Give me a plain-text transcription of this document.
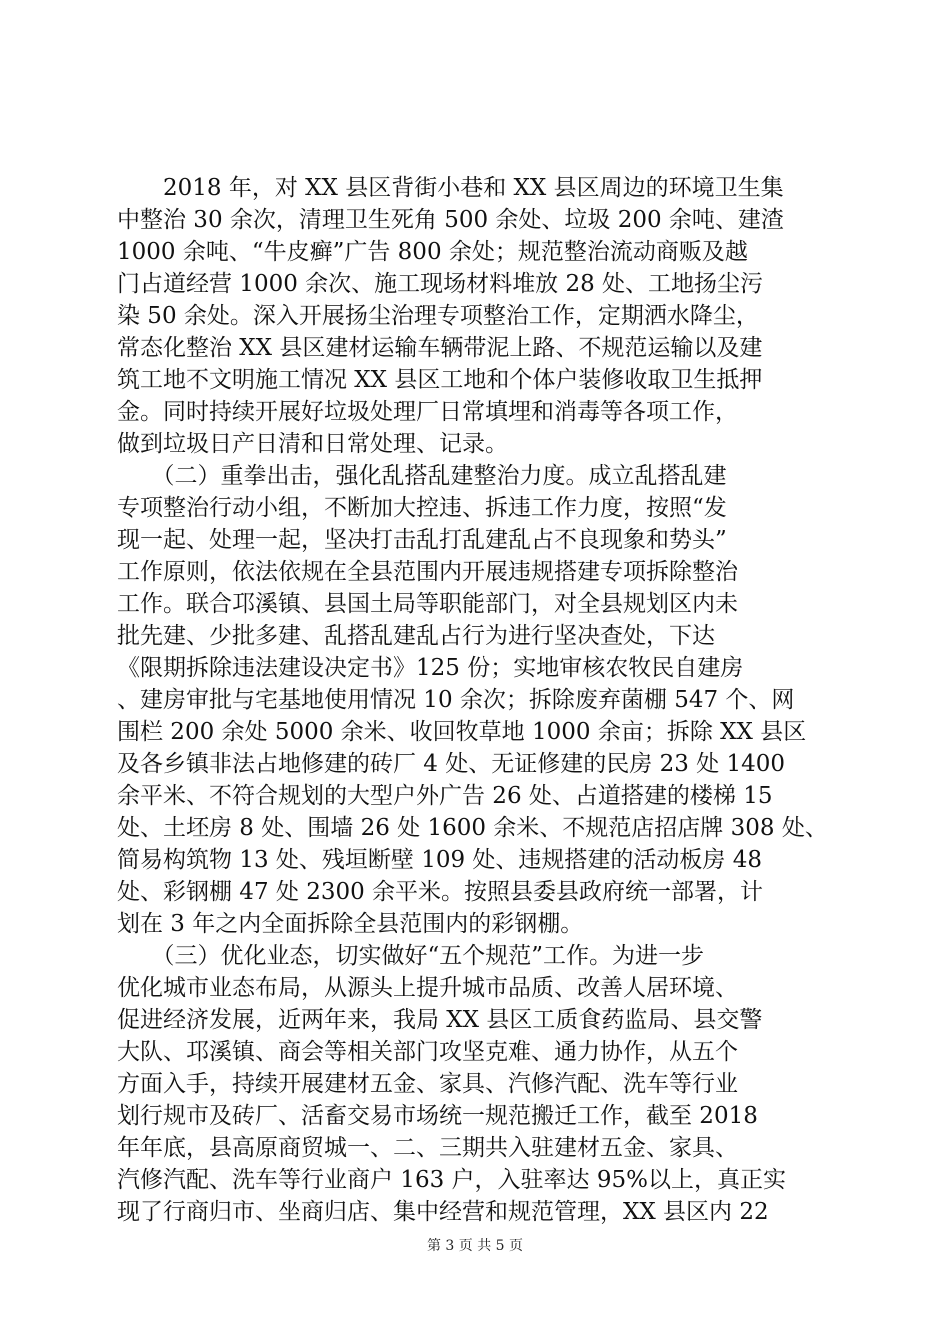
　　2018 年，对 XX 县区背街小巷和 XX 县区周边的环境卫生集
中整治 30 余次，清理卫生死角 500 余处、垃圾 200 余吨、建渣
1000 余吨、“牛皮癣”广告 800 余处；规范整治流动商贩及越
门占道经营 1000 余次、施工现场材料堆放 28 处、工地扬尘污
染 50 余处。深入开展扬尘治理专项整治工作，定期洒水降尘，
常态化整治 XX 县区建材运输车辆带泥上路、不规范运输以及建
筑工地不文明施工情况 XX 县区工地和个体户装修收取卫生抵押
金。同时持续开展好垃圾处理厂日常填埋和消毒等各项工作，
做到垃圾日产日清和日常处理、记录。
　　（二）重拳出击，强化乱搭乱建整治力度。成立乱搭乱建
专项整治行动小组，不断加大控违、拆违工作力度，按照“发
现一起、处理一起，坚决打击乱打乱建乱占不良现象和势头”
工作原则，依法依规在全县范围内开展违规搭建专项拆除整治
工作。联合邛溪镇、县国土局等职能部门，对全县规划区内未
批先建、少批多建、乱搭乱建乱占行为进行坚决查处，下达
《限期拆除违法建设决定书》125 份；实地审核农牧民自建房
、建房审批与宅基地使用情况 10 余次；拆除废弃菌棚 547 个、网
围栏 200 余处 5000 余米、收回牧草地 1000 余亩；拆除 XX 县区
及各乡镇非法占地修建的砖厂 4 处、无证修建的民房 23 处 1400
余平米、不符合规划的大型户外广告 26 处、占道搭建的楼梯 15
处、土坯房 8 处、围墙 26 处 1600 余米、不规范店招店牌 308 处、
简易构筑物 13 处、残垣断壁 109 处、违规搭建的活动板房 48
处、彩钢棚 47 处 2300 余平米。按照县委县政府统一部署，计
划在 3 年之内全面拆除全县范围内的彩钢棚。
　　（三）优化业态，切实做好“五个规范”工作。为进一步
优化城市业态布局，从源头上提升城市品质、改善人居环境、
促进经济发展，近两年来，我局 XX 县区工质食药监局、县交警
大队、邛溪镇、商会等相关部门攻坚克难、通力协作，从五个
方面入手，持续开展建材五金、家具、汽修汽配、洗车等行业
划行规市及砖厂、活畜交易市场统一规范搬迁工作，截至 2018
年年底，县高原商贸城一、二、三期共入驻建材五金、家具、
汽修汽配、洗车等行业商户 163 户，入驻率达 95%以上，真正实
现了行商归市、坐商归店、集中经营和规范管理，XX 县区内 22
第 3 页 共 5 页
